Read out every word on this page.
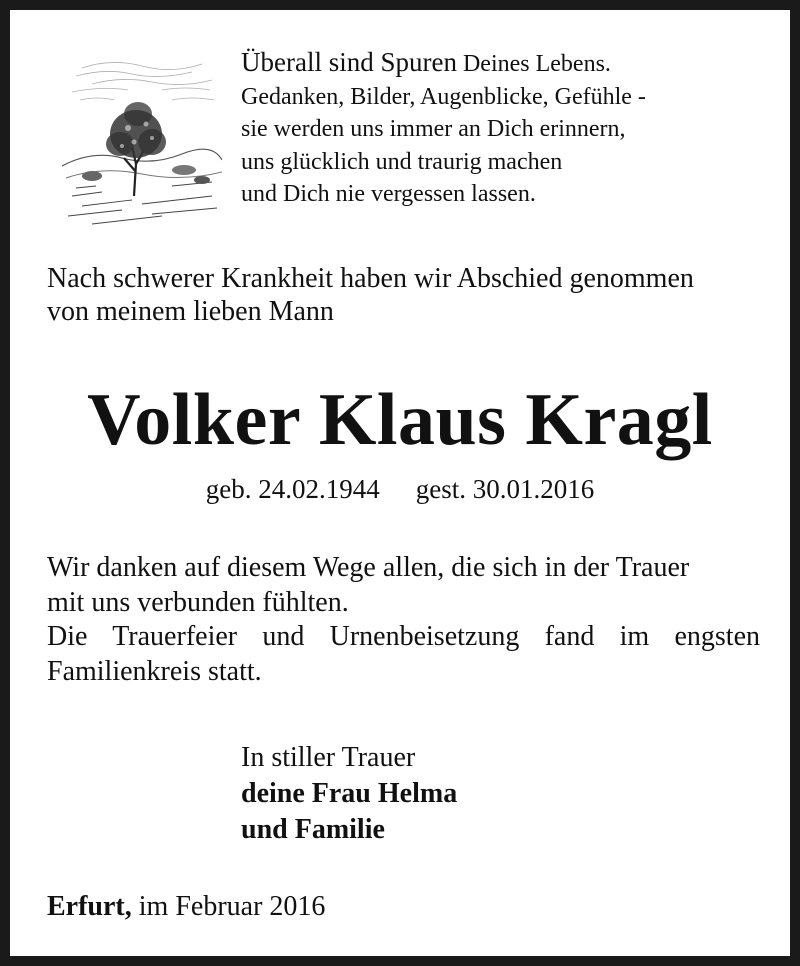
Überall sind Spuren Deines Lebens.
Gedanken, Bilder, Augenblicke, Gefühle -
sie werden uns immer an Dich erinnern,
uns glücklich und traurig machen
und Dich nie vergessen lassen.

Nach schwerer Krankheit haben wir Abschied genommen
von meinem lieben Mann

Volker Klaus Kragl

geb. 24.02.1944 gest. 30.01.2016

Wir danken auf diesem Wege allen, die sich in der Trauer
mit uns verbunden fühlten.
Die Trauerfeier und Urnenbeisetzung fand im engsten
Familienkreis statt.

In stiller Trauer
deine Frau Helma
und Familie

Erfurt, im Februar 2016
